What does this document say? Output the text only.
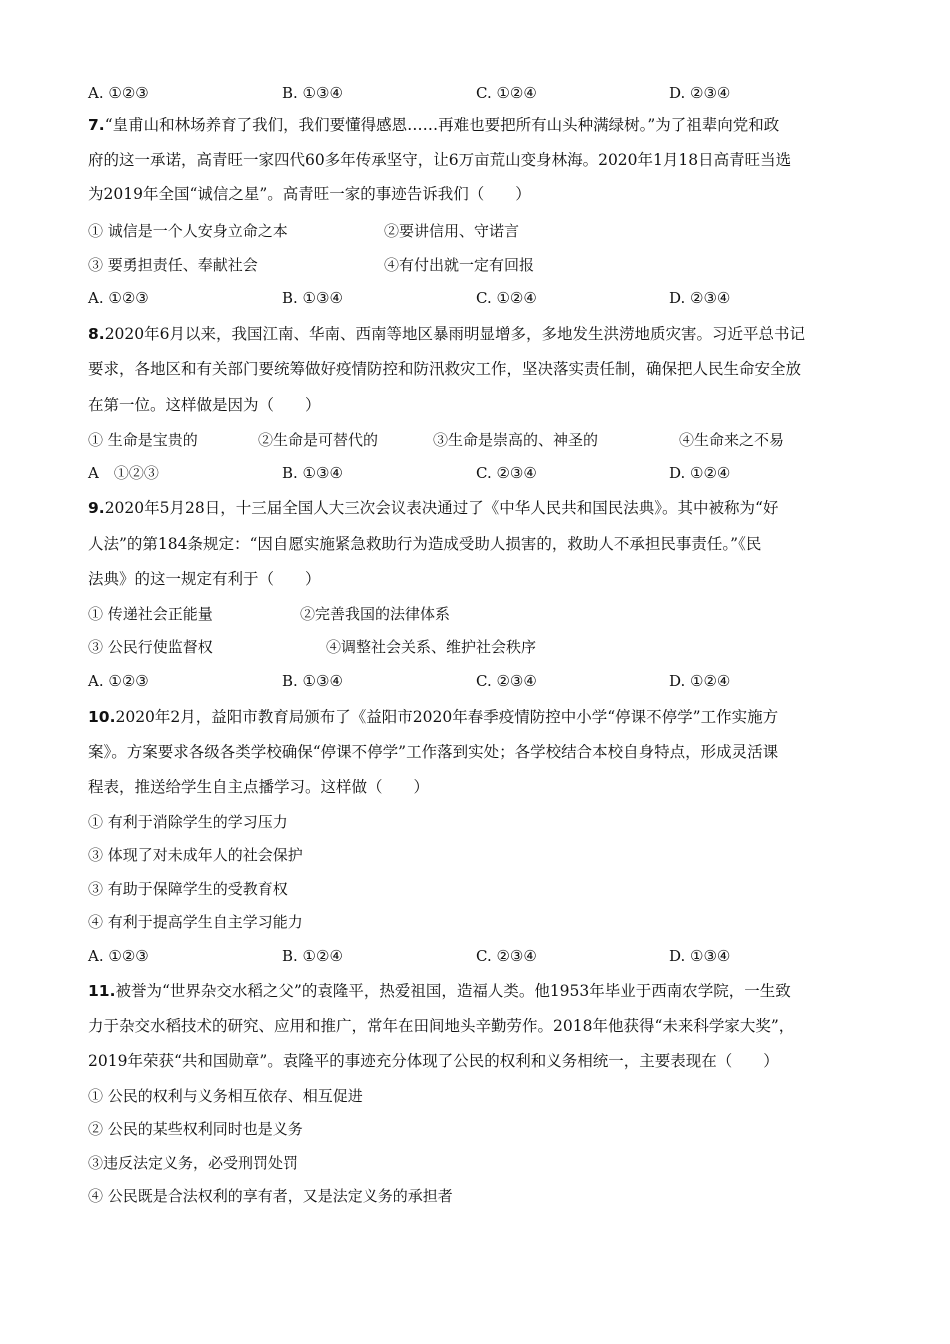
A. ①②③	B. ①③④	C. ①②④	D. ②③④
7.“皇甫山和林场养育了我们，我们要懂得感恩……再难也要把所有山头种满绿树。”为了祖辈向党和政
府的这一承诺，高青旺一家四代60多年传承坚守，让6万亩荒山变身林海。2020年1月18日高青旺当选
为2019年全国“诚信之星”。高青旺一家的事迹告诉我们（　　）
① 诚信是一个人安身立命之本	②要讲信用、守诺言
③ 要勇担责任、奉献社会	④有付出就一定有回报
A. ①②③	B. ①③④	C. ①②④	D. ②③④
8.2020年6月以来，我国江南、华南、西南等地区暴雨明显增多，多地发生洪涝地质灾害。习近平总书记
要求，各地区和有关部门要统筹做好疫情防控和防汛救灾工作，坚决落实责任制，确保把人民生命安全放
在第一位。这样做是因为（　　）
① 生命是宝贵的	②生命是可替代的	③生命是崇高的、神圣的	④生命来之不易
A　①②③	B. ①③④	C. ②③④	D. ①②④
9.2020年5月28日，十三届全国人大三次会议表决通过了《中华人民共和国民法典》。其中被称为“好
人法”的第184条规定：“因自愿实施紧急救助行为造成受助人损害的，救助人不承担民事责任。”《民
法典》的这一规定有利于（　　）
① 传递社会正能量	②完善我国的法律体系
③ 公民行使监督权	④调整社会关系、维护社会秩序
A. ①②③	B. ①③④	C. ②③④	D. ①②④
10.2020年2月，益阳市教育局颁布了《益阳市2020年春季疫情防控中小学“停课不停学”工作实施方
案》。方案要求各级各类学校确保“停课不停学”工作落到实处；各学校结合本校自身特点，形成灵活课
程表，推送给学生自主点播学习。这样做（　　）
① 有利于消除学生的学习压力
③ 体现了对未成年人的社会保护
③ 有助于保障学生的受教育权
④ 有利于提高学生自主学习能力
A. ①②③	B. ①②④	C. ②③④	D. ①③④
11.被誉为“世界杂交水稻之父”的袁隆平，热爱祖国，造福人类。他1953年毕业于西南农学院，一生致
力于杂交水稻技术的研究、应用和推广，常年在田间地头辛勤劳作。2018年他获得“未来科学家大奖”，
2019年荣获“共和国勋章”。袁隆平的事迹充分体现了公民的权利和义务相统一，主要表现在（　　）
① 公民的权利与义务相互依存、相互促进
② 公民的某些权利同时也是义务
③违反法定义务，必受刑罚处罚
④ 公民既是合法权利的享有者，又是法定义务的承担者
